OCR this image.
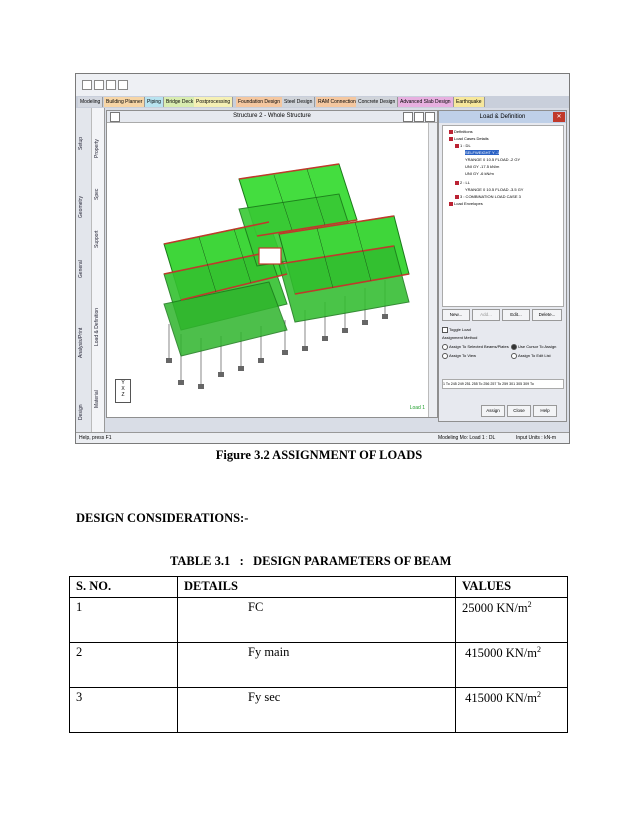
Modeling	Building Planner Piping	Bridge Deck Postprocessing	Foundation Design Steel Design	RAM Connection Concrete Design Advanced Slab Design	Earthquake
Setup
Geometry
General
Analysis/Print
Design
Property
Spec
Support
Load & Definition
Material
Structure 2 - Whole Structure
Y
X
Z
Load 1
Load & Definition	✕
Definitions
Load Cases Details
1 : DL
SELFWEIGHT Y -1
YRANGE 0 10.5 FLOAD -2 GY
UNI GY -17.5 kN/m
UNI GY -6 kN/m
2 : LL
YRANGE 0 10.5 FLOAD -3.5 GY
3 : COMBINATION LOAD CASE 3
Load Envelopes
New...	Add...	Edit...	Delete...
Toggle Load
Assignment Method
Assign To Selected Beams/Plates	Use Cursor To Assign
Assign To View	Assign To Edit List
1 To 245 249 251 255 To 256 257 To 259 301 305 309 To
Assign	Close	Help
Help, press F1	Modeling Mo: Load 1 : DL	Input Units : kN-m
Figure 3.2 ASSIGNMENT OF LOADS
DESIGN CONSIDERATIONS:-
TABLE 3.1   :   DESIGN PARAMETERS OF BEAM
S. NO.	DETAILS	VALUES
1	FC	25000 $KN/m^2$
2	Fy main	415000 $KN/m^2$
3	Fy sec	415000 $KN/m^2$
